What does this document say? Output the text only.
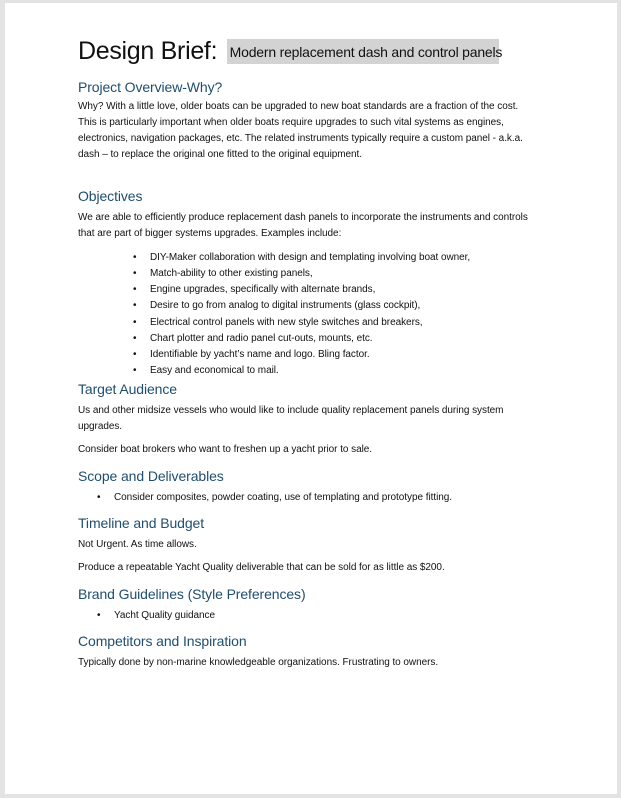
Design Brief: Modern replacement dash and control panels
Project Overview-Why?
Why? With a little love, older boats can be upgraded to new boat standards are a fraction of the cost.
This is particularly important when older boats require upgrades to such vital systems as engines,
electronics, navigation packages, etc. The related instruments typically require a custom panel - a.k.a.
dash – to replace the original one fitted to the original equipment.
Objectives
We are able to efficiently produce replacement dash panels to incorporate the instruments and controls
that are part of bigger systems upgrades. Examples include:
• DIY-Maker collaboration with design and templating involving boat owner,
• Match-ability to other existing panels,
• Engine upgrades, specifically with alternate brands,
• Desire to go from analog to digital instruments (glass cockpit),
• Electrical control panels with new style switches and breakers,
• Chart plotter and radio panel cut-outs, mounts, etc.
• Identifiable by yacht’s name and logo. Bling factor.
• Easy and economical to mail.
Target Audience
Us and other midsize vessels who would like to include quality replacement panels during system
upgrades.
Consider boat brokers who want to freshen up a yacht prior to sale.
Scope and Deliverables
• Consider composites, powder coating, use of templating and prototype fitting.
Timeline and Budget
Not Urgent. As time allows.
Produce a repeatable Yacht Quality deliverable that can be sold for as little as $200.
Brand Guidelines (Style Preferences)
• Yacht Quality guidance
Competitors and Inspiration
Typically done by non-marine knowledgeable organizations. Frustrating to owners.
